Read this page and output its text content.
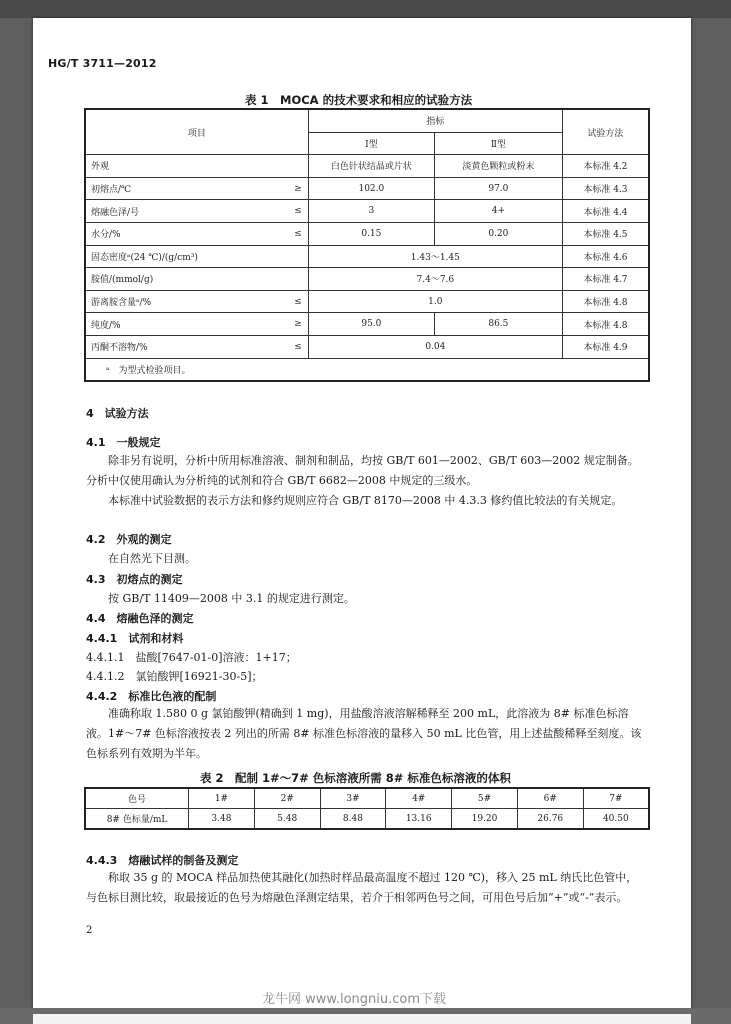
HG/T 3711—2012
表 1　MOCA 的技术要求和相应的试验方法
项目		指标		试验方法
		Ⅰ型	Ⅱ型	
外观		白色针状结晶或片状	淡黄色颗粒或粉末	本标准 4.2
初熔点/℃	≥	102.0	97.0	本标准 4.3
熔融色泽/号	≤	3	4+	本标准 4.4
水分/%	≤	0.15	0.20	本标准 4.5
固态密度ᵃ(24 ℃)/(g/cm³)		1.43～1.45		本标准 4.6
胺值/(mmol/g)		7.4～7.6		本标准 4.7
游离胺含量ᵃ/%	≤	1.0		本标准 4.8
纯度/%	≥	95.0	86.5	本标准 4.8
丙酮不溶物/%	≤	0.04		本标准 4.9
ᵃ　为型式检验项目。				
4　试验方法
4.1　一般规定
除非另有说明，分析中所用标准溶液、制剂和制品，均按 GB/T 601—2002、GB/T 603—2002 规定制备。分析中仅使用确认为分析纯的试剂和符合 GB/T 6682—2008 中规定的三级水。
本标准中试验数据的表示方法和修约规则应符合 GB/T 8170—2008 中 4.3.3 修约值比较法的有关规定。
4.2　外观的测定
在自然光下目测。
4.3　初熔点的测定
按 GB/T 11409—2008 中 3.1 的规定进行测定。
4.4　熔融色泽的测定
4.4.1　试剂和材料
4.4.1.1　盐酸[7647-01-0]溶液：1+17；
4.4.1.2　氯铂酸钾[16921-30-5]；
4.4.2　标准比色液的配制
准确称取 1.580 0 g 氯铂酸钾(精确到 1 mg)，用盐酸溶液溶解稀释至 200 mL，此溶液为 8# 标准色标溶液。1#～7# 色标溶液按表 2 列出的所需 8# 标准色标溶液的量移入 50 mL 比色管，用上述盐酸稀释至刻度。该色标系列有效期为半年。
表 2　配制 1#～7# 色标溶液所需 8# 标准色标溶液的体积
色号	1#	2#	3#	4#	5#	6#	7#
8# 色标量/mL	3.48	5.48	8.48	13.16	19.20	26.76	40.50
4.4.3　熔融试样的制备及测定
称取 35 g 的 MOCA 样品加热使其融化(加热时样品最高温度不超过 120 ℃)，移入 25 mL 纳氏比色管中，与色标目测比较，取最接近的色号为熔融色泽测定结果，若介于相邻两色号之间，可用色号后加“+”或“-”表示。
2
龙牛网 www.longniu.com下载
